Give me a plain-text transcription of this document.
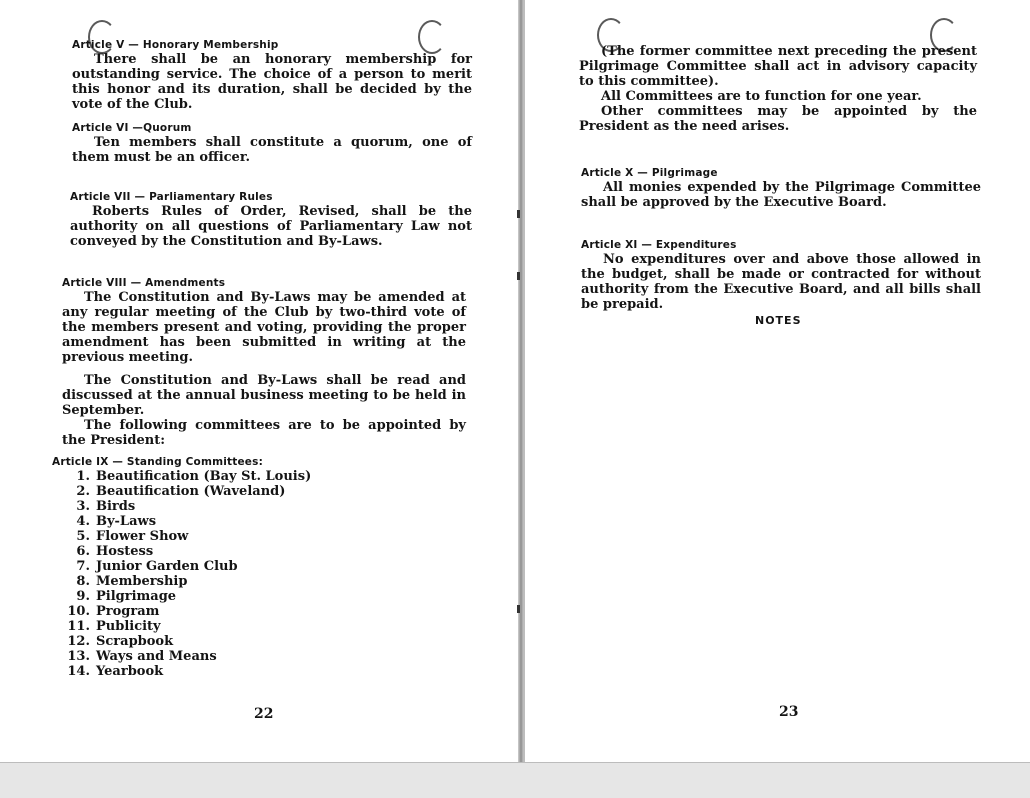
Article V — Honorary Membership
There shall be an honorary membership for outstanding service. The choice of a person to merit this honor and its duration, shall be decided by the vote of the Club.
Article VI —Quorum
Ten members shall constitute a quorum, one of them must be an officer.
Article VII — Parliamentary Rules
Roberts Rules of Order, Revised, shall be the authority on all questions of Parliamentary Law not conveyed by the Constitution and By-Laws.
Article VIII — Amendments
The Constitution and By-Laws may be amended at any regular meeting of the Club by two-third vote of the members present and voting, providing the proper amendment has been submitted in writing at the previous meeting.
The Constitution and By-Laws shall be read and discussed at the annual business meeting to be held in September.
The following committees are to be appointed by the President:
Article IX — Standing Committees:
1. Beautification (Bay St. Louis)
2. Beautification (Waveland)
3. Birds
4. By-Laws
5. Flower Show
6. Hostess
7. Junior Garden Club
8. Membership
9. Pilgrimage
10. Program
11. Publicity
12. Scrapbook
13. Ways and Means
14. Yearbook
22
(The former committee next preceding the present Pilgrimage Committee shall act in advisory capacity to this committee).
All Committees are to function for one year.
Other committees may be appointed by the President as the need arises.
Article X — Pilgrimage
All monies expended by the Pilgrimage Committee shall be approved by the Executive Board.
Article XI — Expenditures
No expenditures over and above those allowed in the budget, shall be made or contracted for without authority from the Executive Board, and all bills shall be prepaid.
NOTES
23
